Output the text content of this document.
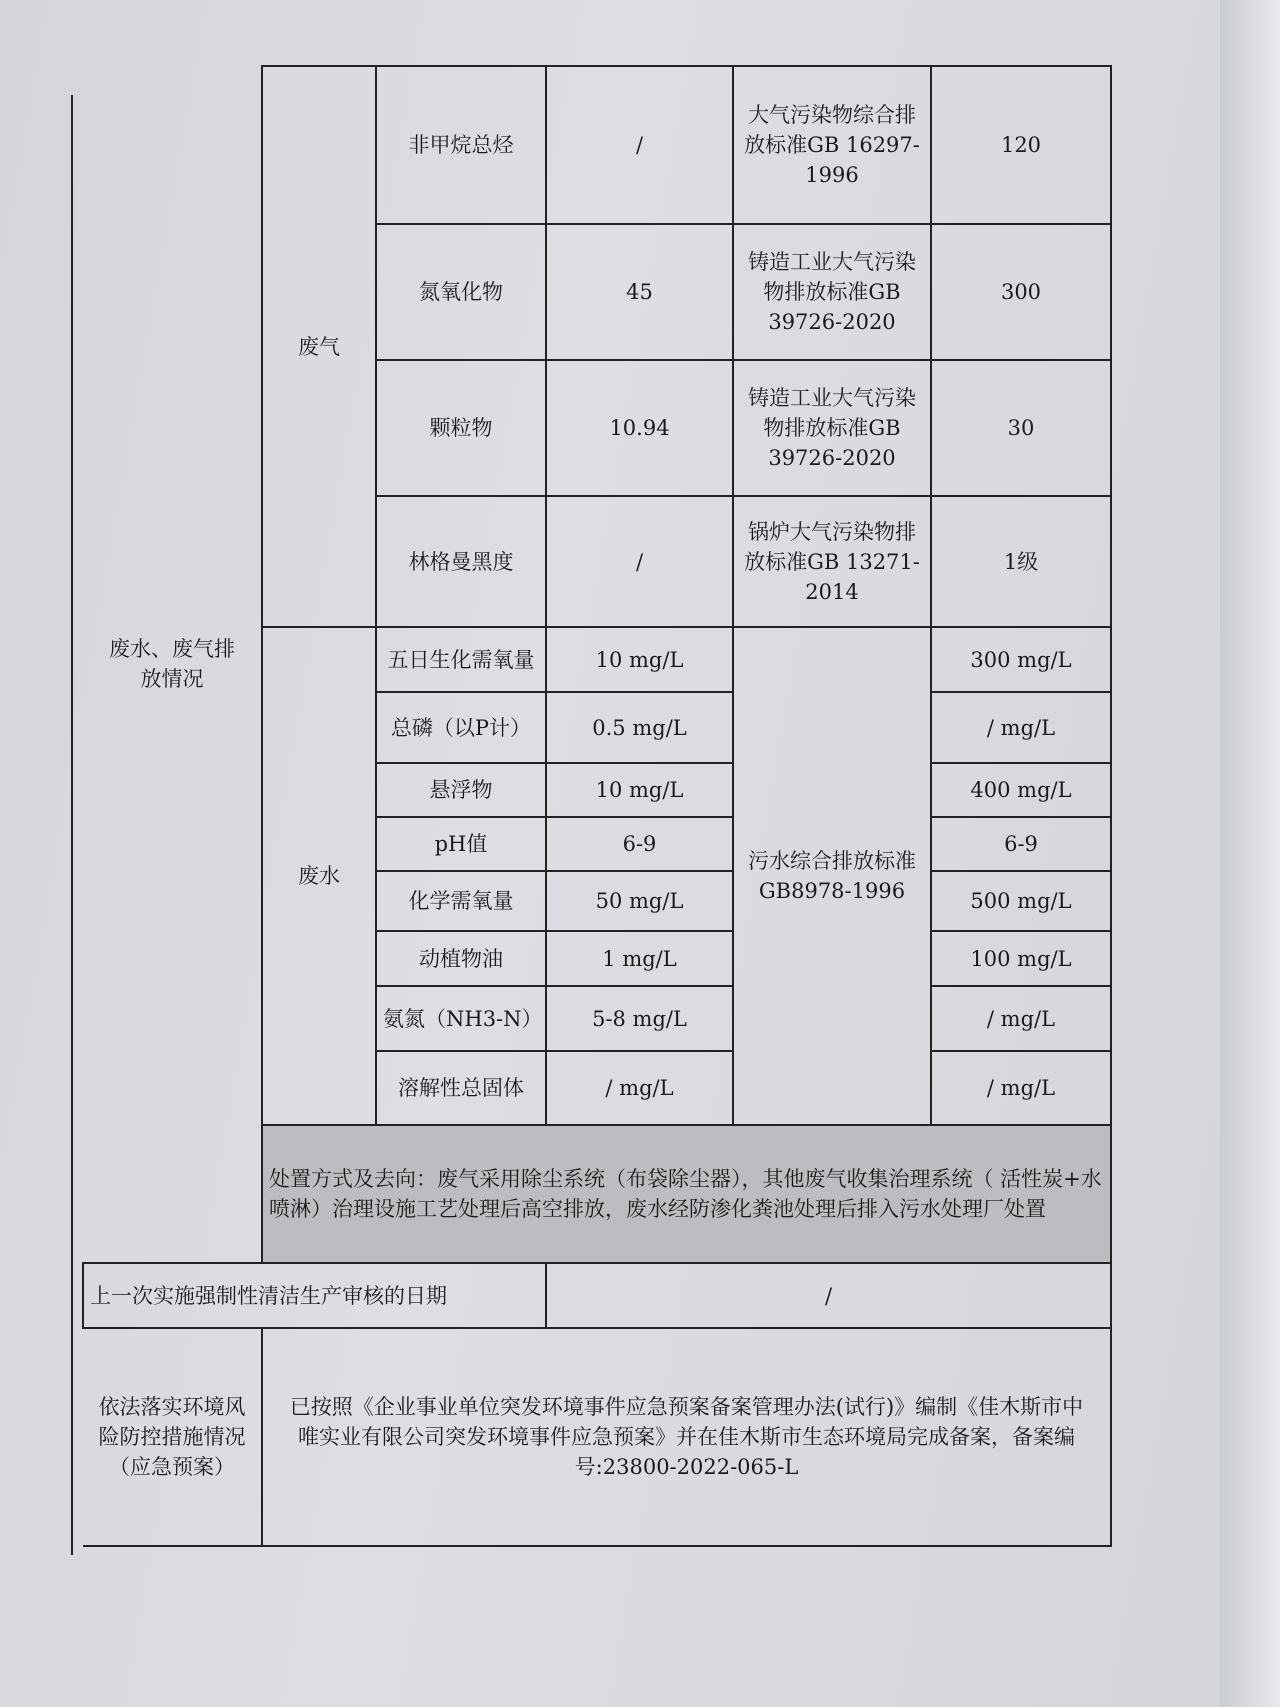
废水、废气排放情况	废气	非甲烷总烃	/	大气污染物综合排放标准GB 16297-1996	120
		氮氧化物	45	铸造工业大气污染物排放标准GB 39726-2020	300
		颗粒物	10.94	铸造工业大气污染物排放标准GB 39726-2020	30
		林格曼黑度	/	锅炉大气污染物排放标准GB 13271-2014	1级
	废水	五日生化需氧量	10 mg/L	污水综合排放标准GB8978-1996	300 mg/L
		总磷（以P计）	0.5 mg/L		/ mg/L
		悬浮物	10 mg/L		400 mg/L
		pH值	6-9		6-9
		化学需氧量	50 mg/L		500 mg/L
		动植物油	1 mg/L		100 mg/L
		氨氮（NH3-N）	5-8 mg/L		/ mg/L
		溶解性总固体	/ mg/L		/ mg/L
	处置方式及去向：废气采用除尘系统（布袋除尘器），其他废气收集治理系统（ 活性炭+水喷淋）治理设施工艺处理后高空排放，废水经防渗化粪池处理后排入污水处理厂处置				
上一次实施强制性清洁生产审核的日期			/		
依法落实环境风险防控措施情况（应急预案）	已按照《企业事业单位突发环境事件应急预案备案管理办法(试行)》编制《佳木斯市中唯实业有限公司突发环境事件应急预案》并在佳木斯市生态环境局完成备案，备案编号:23800-2022-065-L				
